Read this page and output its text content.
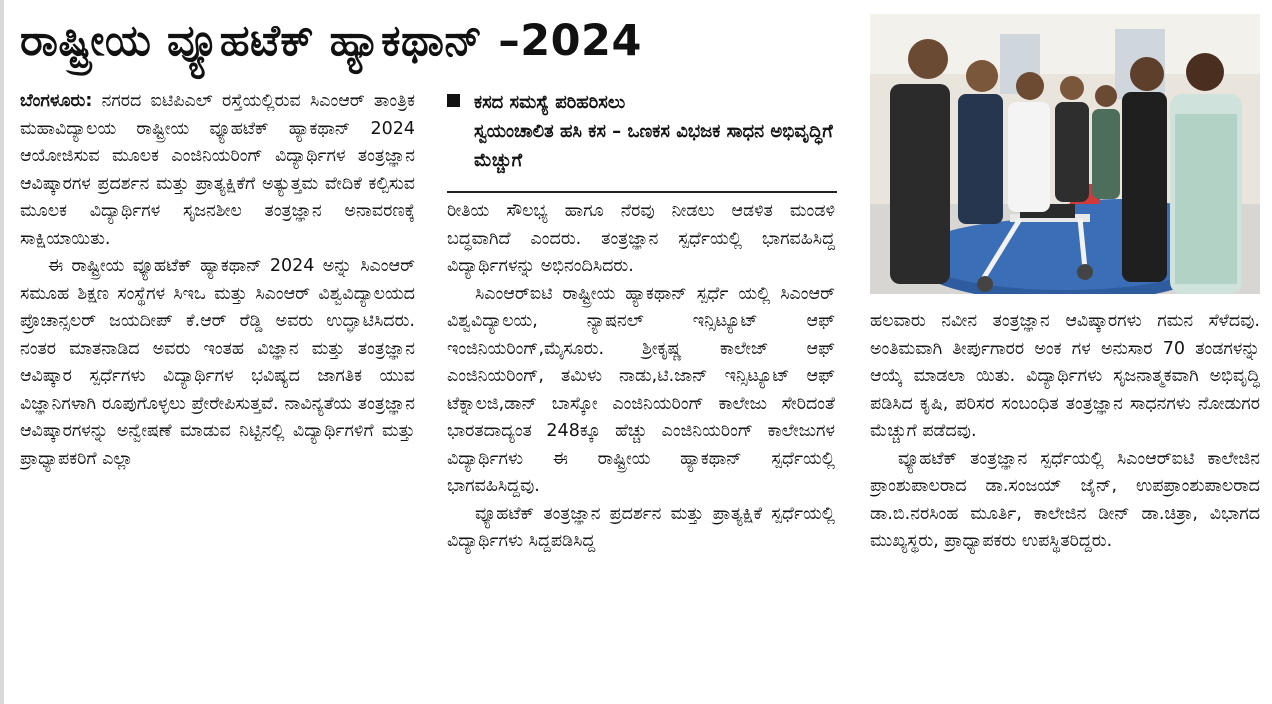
ರಾಷ್ಟ್ರೀಯ ವ್ಯೂಹಟೆಕ್ ಹ್ಯಾಕಥಾನ್ –2024

ಬೆಂಗಳೂರು: ನಗರದ ಐಟಿಪಿಎಲ್ ರಸ್ತೆಯಲ್ಲಿರುವ ಸಿಎಂಆರ್ ತಾಂತ್ರಿಕ ಮಹಾವಿದ್ಯಾಲಯ ರಾಷ್ಟ್ರೀಯ ವ್ಯೂಹಟೆಕ್ ಹ್ಯಾಕಥಾನ್ 2024 ಆಯೋಜಿಸುವ ಮೂಲಕ ಎಂಜಿನಿಯರಿಂಗ್ ವಿದ್ಯಾರ್ಥಿಗಳ ತಂತ್ರಜ್ಞಾನ ಆವಿಷ್ಕಾರಗಳ ಪ್ರದರ್ಶನ ಮತ್ತು ಪ್ರಾತ್ಯಕ್ಷಿಕೆಗೆ ಅತ್ಯುತ್ತಮ ವೇದಿಕೆ ಕಲ್ಪಿಸುವ ಮೂಲಕ ವಿದ್ಯಾರ್ಥಿಗಳ ಸೃಜನಶೀಲ ತಂತ್ರಜ್ಞಾನ ಅನಾವರಣಕ್ಕೆ ಸಾಕ್ಷಿಯಾಯಿತು.

ಈ ರಾಷ್ಟ್ರೀಯ ವ್ಯೂಹಟೆಕ್ ಹ್ಯಾಕಥಾನ್ 2024 ಅನ್ನು ಸಿಎಂಆರ್ ಸಮೂಹ ಶಿಕ್ಷಣ ಸಂಸ್ಥೆಗಳ ಸಿಇಒ ಮತ್ತು ಸಿಎಂಆರ್ ವಿಶ್ವವಿದ್ಯಾಲಯದ ಪ್ರೊಚಾನ್ಸಲರ್ ಜಯದೀಪ್ ಕೆ.ಆರ್ ರೆಡ್ಡಿ ಅವರು ಉದ್ಘಾಟಿಸಿದರು. ನಂತರ ಮಾತನಾಡಿದ ಅವರು ಇಂತಹ ವಿಜ್ಞಾನ ಮತ್ತು ತಂತ್ರಜ್ಞಾನ ಆವಿಷ್ಕಾರ ಸ್ಪರ್ಧೆಗಳು ವಿದ್ಯಾರ್ಥಿಗಳ ಭವಿಷ್ಯದ ಜಾಗತಿಕ ಯುವ ವಿಜ್ಞಾನಿಗಳಾಗಿ ರೂಪುಗೊಳ್ಳಲು ಪ್ರೇರೇಪಿಸುತ್ತವೆ. ನಾವಿನ್ಯತೆಯ ತಂತ್ರಜ್ಞಾನ ಆವಿಷ್ಕಾರಗಳನ್ನು ಅನ್ವೇಷಣೆ ಮಾಡುವ ನಿಟ್ಟಿನಲ್ಲಿ ವಿದ್ಯಾರ್ಥಿಗಳಿಗೆ ಮತ್ತು ಪ್ರಾಧ್ಯಾಪಕರಿಗೆ ಎಲ್ಲಾ

ಕಸದ ಸಮಸ್ಯೆ ಪರಿಹರಿಸಲು
ಸ್ವಯಂಚಾಲಿತ ಹಸಿ ಕಸ – ಒಣಕಸ ವಿಭಜಕ ಸಾಧನ ಅಭಿವೃದ್ಧಿಗೆ ಮೆಚ್ಚುಗೆ

ರೀತಿಯ ಸೌಲಭ್ಯ ಹಾಗೂ ನೆರವು ನೀಡಲು ಆಡಳಿತ ಮಂಡಳಿ ಬದ್ಧವಾಗಿದೆ ಎಂದರು. ತಂತ್ರಜ್ಞಾನ ಸ್ಪರ್ಧೆಯಲ್ಲಿ ಭಾಗವಹಿಸಿದ್ದ ವಿದ್ಯಾರ್ಥಿಗಳನ್ನು ಅಭಿನಂದಿಸಿದರು.

ಸಿಎಂಆರ್‌ಐಟಿ ರಾಷ್ಟ್ರೀಯ ಹ್ಯಾಕಥಾನ್ ಸ್ಪರ್ಧೆ ಯಲ್ಲಿ ಸಿಎಂಆರ್ ವಿಶ್ವವಿದ್ಯಾಲಯ, ನ್ಯಾಷನಲ್ ಇನ್ಸಿಟ್ಯೂಟ್ ಆಫ್ ಇಂಜಿನಿಯರಿಂಗ್,ಮೈಸೂರು. ಶ್ರೀಕೃಷ್ಣ ಕಾಲೇಜ್ ಆಫ್ ಎಂಜಿನಿಯರಿಂಗ್, ತಮಿಳು ನಾಡು,ಟಿ.ಜಾನ್ ಇನ್ಸಿಟ್ಯೂಟ್ ಆಫ್ ಟೆಕ್ನಾಲಜಿ,ಡಾನ್ ಬಾಸ್ಕೋ ಎಂಜಿನಿಯರಿಂಗ್ ಕಾಲೇಜು ಸೇರಿದಂತೆ ಭಾರತದಾದ್ಯಂತ 248ಕ್ಕೂ ಹೆಚ್ಚು ಎಂಜಿನಿಯರಿಂಗ್ ಕಾಲೇಜುಗಳ ವಿದ್ಯಾರ್ಥಿಗಳು ಈ ರಾಷ್ಟ್ರೀಯ ಹ್ಯಾಕಥಾನ್ ಸ್ಪರ್ಧೆಯಲ್ಲಿ ಭಾಗವಹಿಸಿದ್ದವು.

ವ್ಯೂಹಟೆಕ್ ತಂತ್ರಜ್ಞಾನ ಪ್ರದರ್ಶನ ಮತ್ತು ಪ್ರಾತ್ಯಕ್ಷಿಕೆ ಸ್ಪರ್ಧೆಯಲ್ಲಿ ವಿದ್ಯಾರ್ಥಿಗಳು ಸಿದ್ದಪಡಿಸಿದ್ದ

ಹಲವಾರು ನವೀನ ತಂತ್ರಜ್ಞಾನ ಆವಿಷ್ಕಾರಗಳು ಗಮನ ಸೆಳೆದವು. ಅಂತಿಮವಾಗಿ ತೀರ್ಪುಗಾರರ ಅಂಕ ಗಳ ಅನುಸಾರ 70 ತಂಡಗಳನ್ನು ಆಯ್ಕೆ ಮಾಡಲಾ ಯಿತು. ವಿದ್ಯಾರ್ಥಿಗಳು ಸೃಜನಾತ್ಮಕವಾಗಿ ಅಭಿವೃದ್ಧಿ ಪಡಿಸಿದ ಕೃಷಿ, ಪರಿಸರ ಸಂಬಂಧಿತ ತಂತ್ರಜ್ಞಾನ ಸಾಧನಗಳು ನೋಡುಗರ ಮೆಚ್ಚುಗೆ ಪಡೆದವು.

ವ್ಯೂಹಟೆಕ್ ತಂತ್ರಜ್ಞಾನ ಸ್ಪರ್ಧೆಯಲ್ಲಿ ಸಿಎಂಆರ್‌ಐಟಿ ಕಾಲೇಜಿನ ಪ್ರಾಂಶುಪಾಲರಾದ ಡಾ.ಸಂಜಯ್ ಜೈನ್, ಉಪಪ್ರಾಂಶುಪಾಲರಾದ ಡಾ.ಬಿ.ನರಸಿಂಹ ಮೂರ್ತಿ, ಕಾಲೇಜಿನ ಡೀನ್ ಡಾ.ಚಿತ್ರಾ, ವಿಭಾಗದ ಮುಖ್ಯಸ್ಥರು, ಪ್ರಾಧ್ಯಾಪಕರು ಉಪಸ್ಥಿತರಿದ್ದರು.
